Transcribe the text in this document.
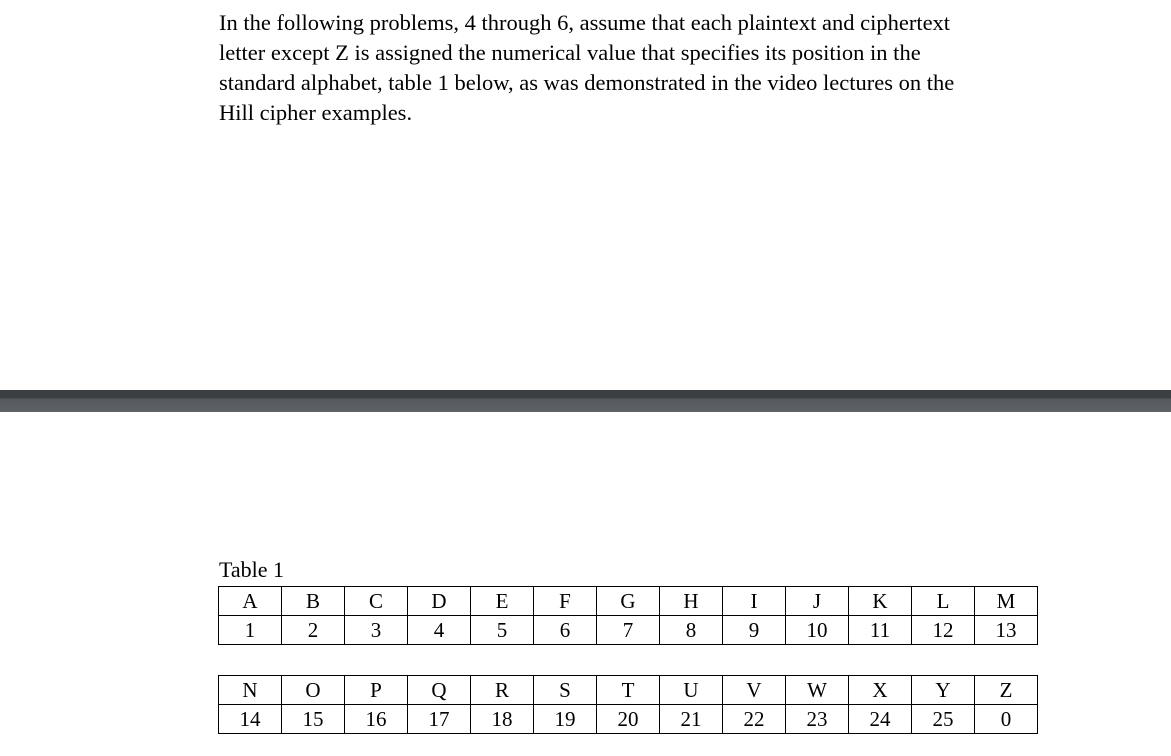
In the following problems, 4 through 6, assume that each plaintext and ciphertext

letter except Z is assigned the numerical value that specifies its position in the

standard alphabet, table 1 below, as was demonstrated in the video lectures on the

Hill cipher examples.

Table 1

A	B	C	D	E	F	G	H	I	J	K	L	M
1	2	3	4	5	6	7	8	9	10	11	12	13
N	O	P	Q	R	S	T	U	V	W	X	Y	Z
14	15	16	17	18	19	20	21	22	23	24	25	0
